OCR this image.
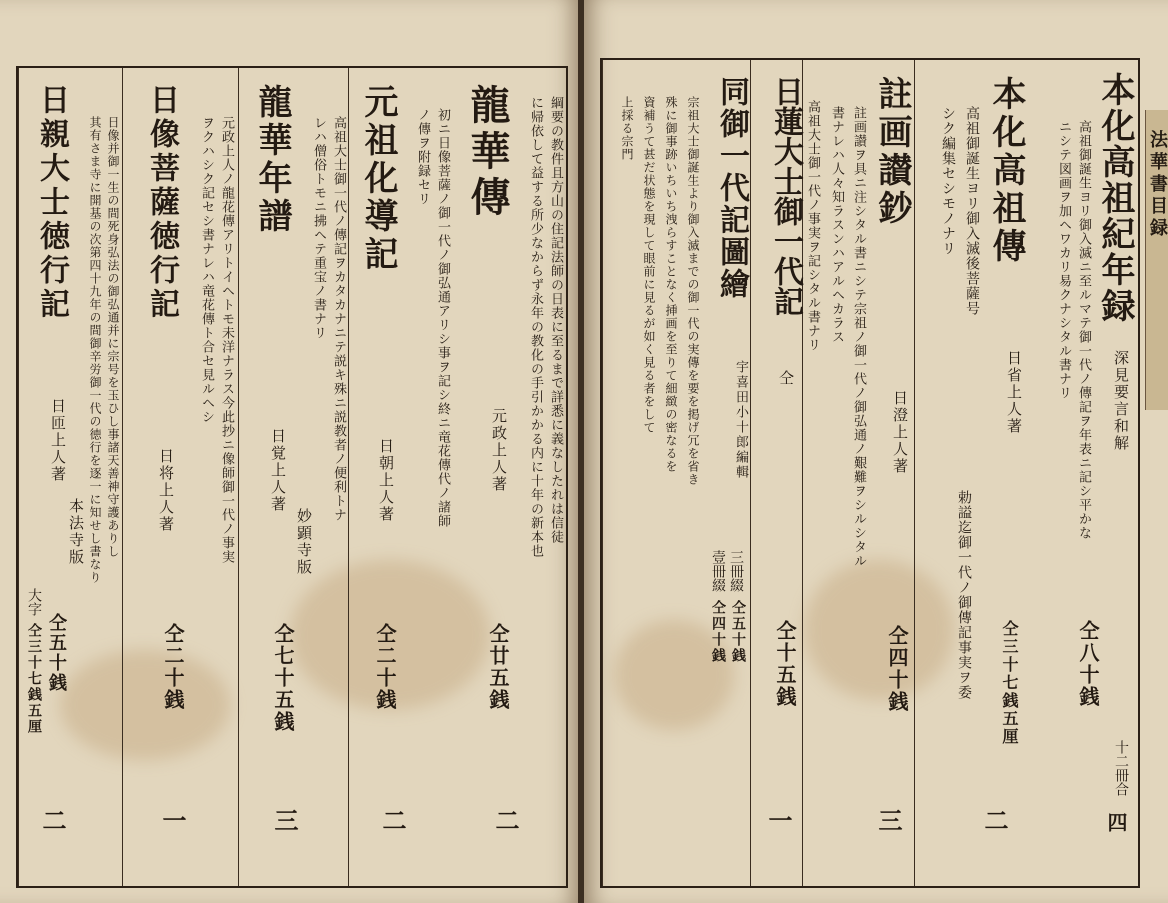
綱要の教件且方山の住記法師の日表に至るまで詳悉に義なしたれは信徒
に帰依して益する所少なからず永年の教化の手引かかる内に十年の新本也
龍華傳
元政上人著
仝廿五銭
二
初ニ日像菩薩ノ御一代ノ御弘通アリシ事ヲ記シ終ニ竜花傳代ノ諸師
ノ傳ヲ附録セリ
元祖化導記
日朝上人著
仝二十銭
二
高祖大士御一代ノ傳記ヲカタカナニテ説キ殊ニ説教者ノ便利トナ
レハ僧俗トモニ拂ヘテ重宝ノ書ナリ
龍華年譜
日覚上人著
妙顕寺版
仝七十五銭
三
元政上人ノ龍花傳アリトイヘトモ未洋ナラス今此抄ニ像師御一代ノ事実
ヲクハシク記セシ書ナレハ竜花傳ト合セ見ルヘシ
日像菩薩徳行記
日将上人著
仝二十銭
一
日像并御一生の間死身弘法の御弘通并に宗号を玉ひし事諸天善神守護ありし
其有さま寺に開基の次第四十九年の間御辛労御一代の徳行を逐一に知せし書なり
日親大士徳行記
日匝上人著
本法寺版
大字
仝五十銭
仝三十七銭五厘
二
法華書目録
本化高祖紀年録
高祖御誕生ヨリ御入滅ニ至ルマテ御一代ノ傳記ヲ年表ニ記シ平かな
ニシテ図画ヲ加ヘワカリ易クナシタル書ナリ
深見要言和解
仝八十銭
十二冊合
四
本化高祖傳
高祖御誕生ヨリ御入滅後菩薩号
シク編集セシモノナリ
日省上人著
勅謚迄御一代ノ御傳記事実ヲ委 仝三十七銭五厘
二
註画讃鈔
註画讃ヲ具ニ注シタル書ニシテ宗祖ノ御一代ノ御弘通ノ艱難ヲシルシタル
書ナレハ人々知ラスンハアルヘカラス
日澄上人著
仝四十銭
三
日蓮大士御一代記 高祖大士御一代ノ事実ヲ記シタル書ナリ
仝
仝十五銭
一
同御一代記圖繪
宗祖大士御誕生より御入滅までの御一代の実傳を要を掲げ冗を省き
殊に御事跡いちいち洩らすことなく挿画を至りて細緻の密なるを
資補うて甚だ状態を現して眼前に見るが如く見る者をして
上採る宗門
宇喜田小十郎編輯
壹冊綴 三冊綴
仝四十銭 仝五十銭
